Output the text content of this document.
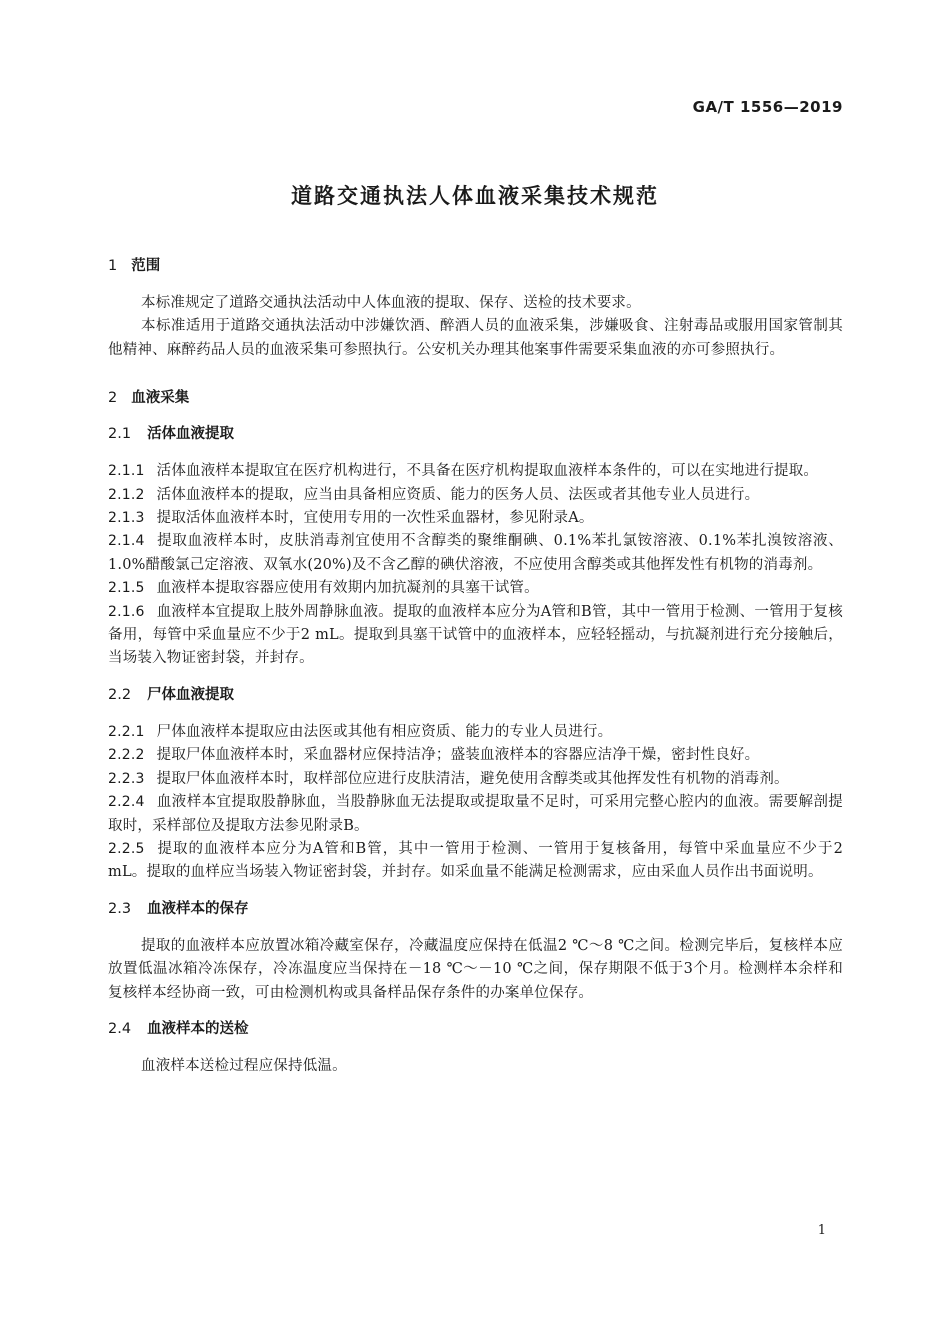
GA/T 1556—2019
道路交通执法人体血液采集技术规范
1 范围
本标准规定了道路交通执法活动中人体血液的提取、保存、送检的技术要求。
本标准适用于道路交通执法活动中涉嫌饮酒、醉酒人员的血液采集，涉嫌吸食、注射毒品或服用国家管制其他精神、麻醉药品人员的血液采集可参照执行。公安机关办理其他案事件需要采集血液的亦可参照执行。
2 血液采集
2.1 活体血液提取
2.1.1 活体血液样本提取宜在医疗机构进行，不具备在医疗机构提取血液样本条件的，可以在实地进行提取。
2.1.2 活体血液样本的提取，应当由具备相应资质、能力的医务人员、法医或者其他专业人员进行。
2.1.3 提取活体血液样本时，宜使用专用的一次性采血器材，参见附录A。
2.1.4 提取血液样本时，皮肤消毒剂宜使用不含醇类的聚维酮碘、0.1%苯扎氯铵溶液、0.1%苯扎溴铵溶液、1.0%醋酸氯己定溶液、双氧水(20%)及不含乙醇的碘伏溶液，不应使用含醇类或其他挥发性有机物的消毒剂。
2.1.5 血液样本提取容器应使用有效期内加抗凝剂的具塞干试管。
2.1.6 血液样本宜提取上肢外周静脉血液。提取的血液样本应分为A管和B管，其中一管用于检测、一管用于复核备用，每管中采血量应不少于2 mL。提取到具塞干试管中的血液样本，应轻轻摇动，与抗凝剂进行充分接触后，当场装入物证密封袋，并封存。
2.2 尸体血液提取
2.2.1 尸体血液样本提取应由法医或其他有相应资质、能力的专业人员进行。
2.2.2 提取尸体血液样本时，采血器材应保持洁净；盛装血液样本的容器应洁净干燥，密封性良好。
2.2.3 提取尸体血液样本时，取样部位应进行皮肤清洁，避免使用含醇类或其他挥发性有机物的消毒剂。
2.2.4 血液样本宜提取股静脉血，当股静脉血无法提取或提取量不足时，可采用完整心腔内的血液。需要解剖提取时，采样部位及提取方法参见附录B。
2.2.5 提取的血液样本应分为A管和B管，其中一管用于检测、一管用于复核备用，每管中采血量应不少于2 mL。提取的血样应当场装入物证密封袋，并封存。如采血量不能满足检测需求，应由采血人员作出书面说明。
2.3 血液样本的保存
提取的血液样本应放置冰箱冷藏室保存，冷藏温度应保持在低温2 ℃～8 ℃之间。检测完毕后，复核样本应放置低温冰箱冷冻保存，冷冻温度应当保持在－18 ℃～－10 ℃之间，保存期限不低于3个月。检测样本余样和复核样本经协商一致，可由检测机构或具备样品保存条件的办案单位保存。
2.4 血液样本的送检
血液样本送检过程应保持低温。
1
